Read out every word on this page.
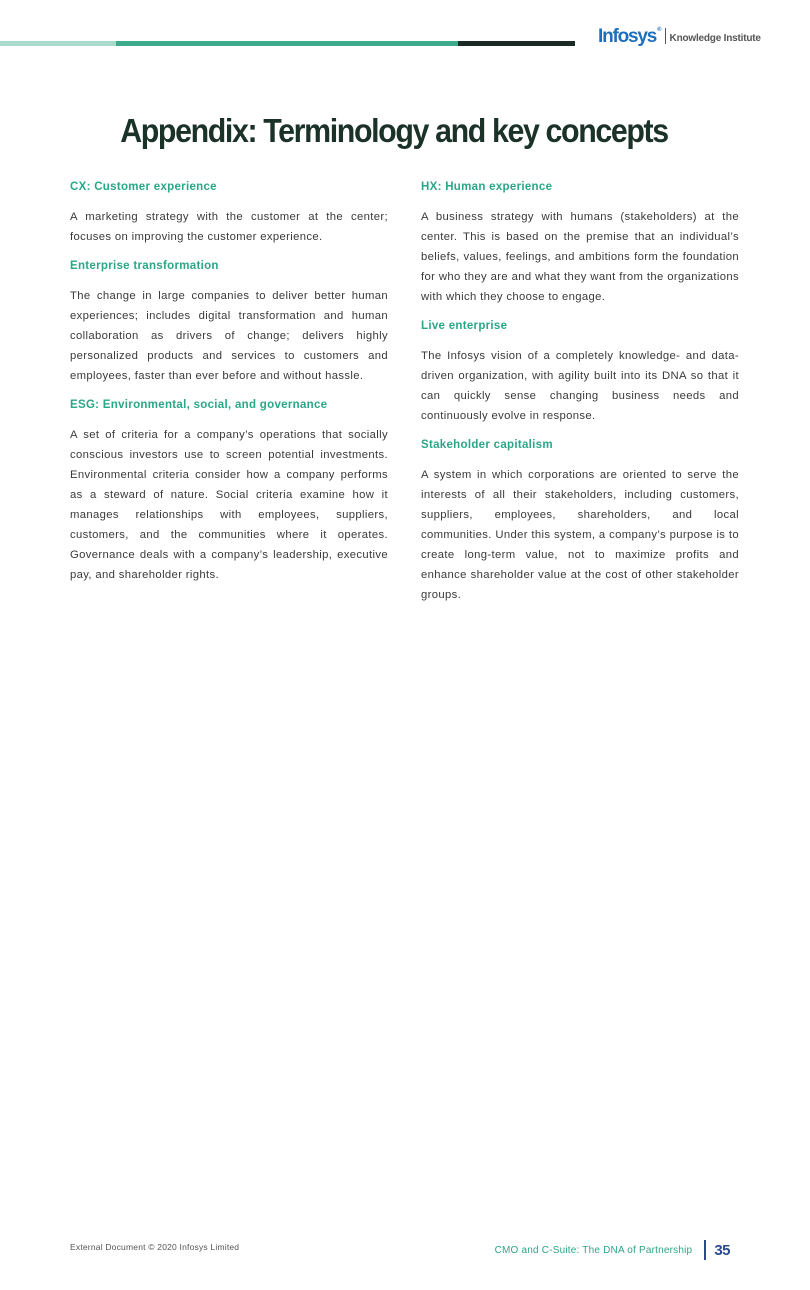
Infosys®
Knowledge Institute
Appendix: Terminology and key concepts

CX: Customer experience

A marketing strategy with the customer at the center; focuses on improving the customer experience.

Enterprise transformation

The change in large companies to deliver better human experiences; includes digital transformation and human collaboration as drivers of change; delivers highly personalized products and services to customers and employees, faster than ever before and without hassle.

ESG: Environmental, social, and governance

A set of criteria for a company’s operations that socially conscious investors use to screen potential investments. Environmental criteria consider how a company performs as a steward of nature. Social criteria examine how it manages relationships with employees, suppliers, customers, and the communities where it operates. Governance deals with a company’s leadership, executive pay, and shareholder rights.

HX: Human experience

A business strategy with humans (stakeholders) at the center. This is based on the premise that an individual’s beliefs, values, feelings, and ambitions form the foundation for who they are and what they want from the organizations with which they choose to engage.

Live enterprise

The Infosys vision of a completely knowledge- and data-driven organization, with agility built into its DNA so that it can quickly sense changing business needs and continuously evolve in response.

Stakeholder capitalism

A system in which corporations are oriented to serve the interests of all their stakeholders, including customers, suppliers, employees, shareholders, and local communities. Under this system, a company’s purpose is to create long-term value, not to maximize profits and enhance shareholder value at the cost of other stakeholder groups.

External Document © 2020 Infosys Limited	CMO and C-Suite: The DNA of Partnership 35
